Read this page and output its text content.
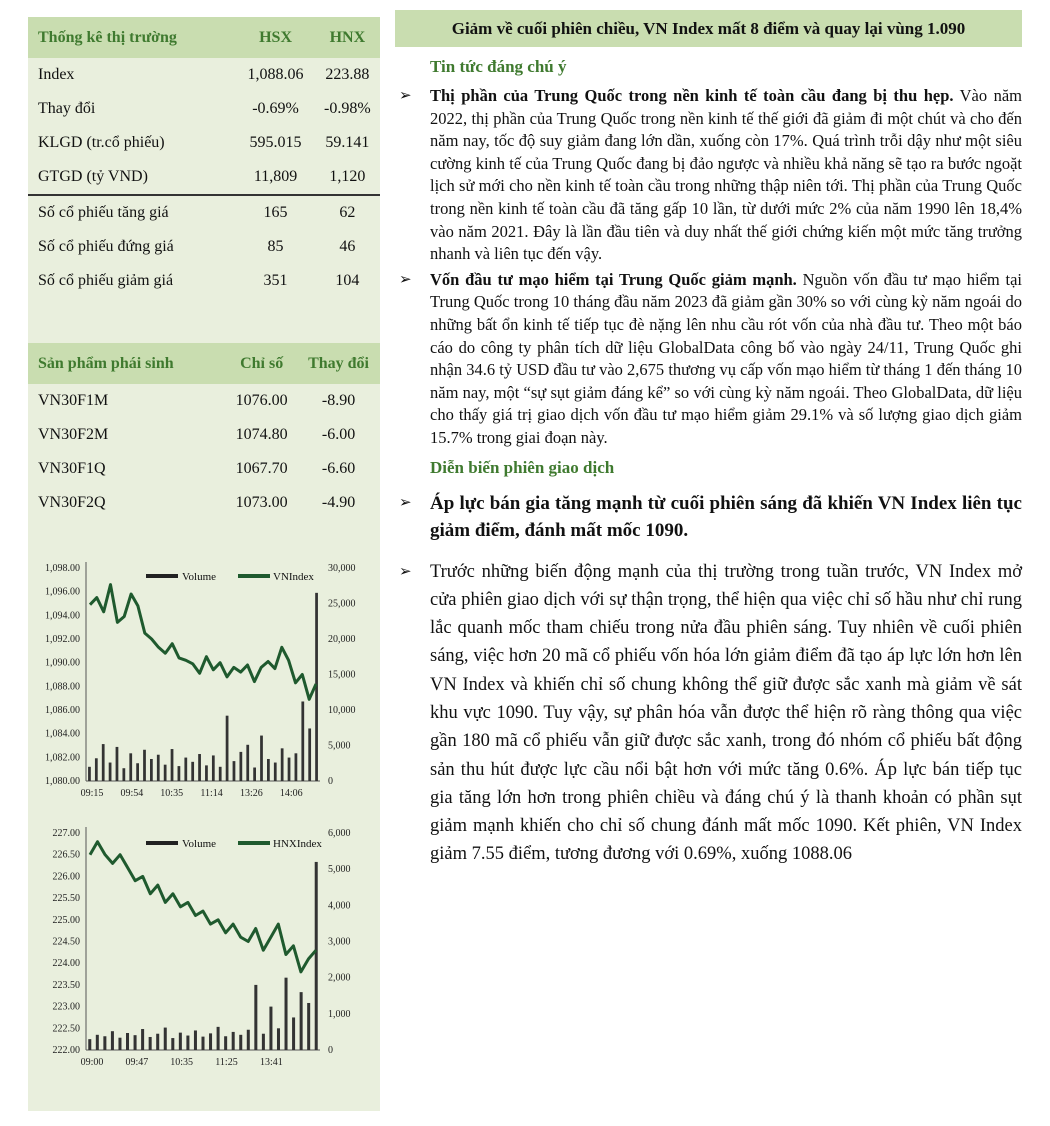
Thống kê thị trường	HSX	HNX
Index	1,088.06	223.88
Thay đổi	-0.69%	-0.98%
KLGD (tr.cổ phiếu)	595.015	59.141
GTGD (tỷ VND)	11,809	1,120
Số cổ phiếu tăng giá	165	62
Số cổ phiếu đứng giá	85	46
Số cổ phiếu giảm giá	351	104
Sản phẩm phái sinh	Chỉ số	Thay đổi
VN30F1M	1076.00	-8.90
VN30F2M	1074.80	-6.00
VN30F1Q	1067.70	-6.60
VN30F2Q	1073.00	-4.90
1,080.00
1,082.00
1,084.00
1,086.00
1,088.00
1,090.00
1,092.00
1,094.00
1,096.00
1,098.00
0
5,000
10,000
15,000
20,000
25,000
30,000
09:15 09:54 10:35 11:14 13:26 14:06
Volume	VNIndex
222.00
222.50
223.00
223.50
224.00
224.50
225.00
225.50
226.00
226.50
227.00
0
1,000
2,000
3,000
4,000
5,000
6,000
09:00 09:47 10:35 11:25 13:41
Volume	HNXIndex
Giảm về cuối phiên chiều, VN Index mất 8 điểm và quay lại vùng 1.090
Tin tức đáng chú ý
➢ Thị phần của Trung Quốc trong nền kinh tế toàn cầu đang bị thu hẹp. Vào năm 2022, thị phần của Trung Quốc trong nền kinh tế thế giới đã giảm đi một chút và cho đến năm nay, tốc độ suy giảm đang lớn dần, xuống còn 17%. Quá trình trỗi dậy như một siêu cường kinh tế của Trung Quốc đang bị đảo ngược và nhiều khả năng sẽ tạo ra bước ngoặt lịch sử mới cho nền kinh tế toàn cầu trong những thập niên tới. Thị phần của Trung Quốc trong nền kinh tế toàn cầu đã tăng gấp 10 lần, từ dưới mức 2% của năm 1990 lên 18,4% vào năm 2021. Đây là lần đầu tiên và duy nhất thế giới chứng kiến một mức tăng trưởng nhanh và liên tục đến vậy.
➢ Vốn đầu tư mạo hiểm tại Trung Quốc giảm mạnh. Nguồn vốn đầu tư mạo hiểm tại Trung Quốc trong 10 tháng đầu năm 2023 đã giảm gần 30% so với cùng kỳ năm ngoái do những bất ổn kinh tế tiếp tục đè nặng lên nhu cầu rót vốn của nhà đầu tư. Theo một báo cáo do công ty phân tích dữ liệu GlobalData công bố vào ngày 24/11, Trung Quốc ghi nhận 34.6 tỷ USD đầu tư vào 2,675 thương vụ cấp vốn mạo hiểm từ tháng 1 đến tháng 10 năm nay, một “sự sụt giảm đáng kể” so với cùng kỳ năm ngoái. Theo GlobalData, dữ liệu cho thấy giá trị giao dịch vốn đầu tư mạo hiểm giảm 29.1% và số lượng giao dịch giảm 15.7% trong giai đoạn này.
Diễn biến phiên giao dịch
➢ Áp lực bán gia tăng mạnh từ cuối phiên sáng đã khiến VN Index liên tục giảm điểm, đánh mất mốc 1090.
➢ Trước những biến động mạnh của thị trường trong tuần trước, VN Index mở cửa phiên giao dịch với sự thận trọng, thể hiện qua việc chỉ số hầu như chỉ rung lắc quanh mốc tham chiếu trong nửa đầu phiên sáng. Tuy nhiên về cuối phiên sáng, việc hơn 20 mã cổ phiếu vốn hóa lớn giảm điểm đã tạo áp lực lớn hơn lên VN Index và khiến chỉ số chung không thể giữ được sắc xanh mà giảm về sát khu vực 1090. Tuy vậy, sự phân hóa vẫn được thể hiện rõ ràng thông qua việc gần 180 mã cổ phiếu vẫn giữ được sắc xanh, trong đó nhóm cổ phiếu bất động sản thu hút được lực cầu nổi bật hơn với mức tăng 0.6%. Áp lực bán tiếp tục gia tăng lớn hơn trong phiên chiều và đáng chú ý là thanh khoản có phần sụt giảm mạnh khiến cho chỉ số chung đánh mất mốc 1090. Kết phiên, VN Index giảm 7.55 điểm, tương đương với 0.69%, xuống 1088.06
